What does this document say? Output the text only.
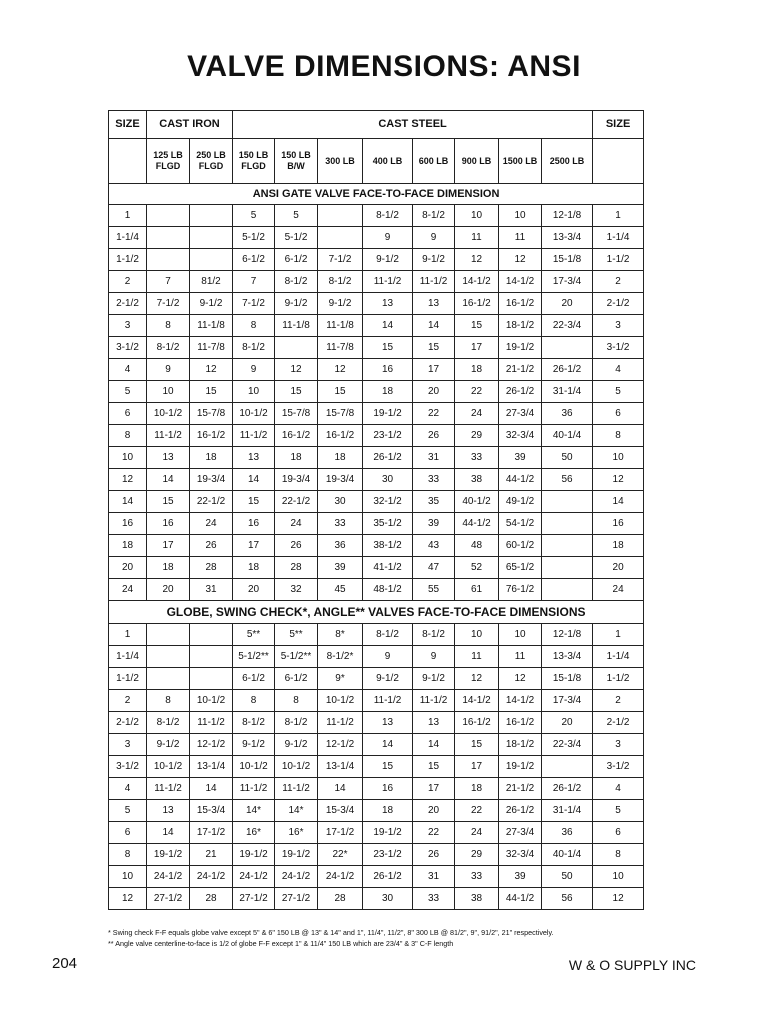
VALVE DIMENSIONS: ANSI
SIZE	CAST IRON		CAST STEEL								SIZE
	125 LB FLGD	250 LB FLGD	150 LB FLGD	150 LB B/W	300 LB	400 LB	600 LB	900 LB	1500 LB	2500 LB	
ANSI GATE VALVE FACE-TO-FACE DIMENSION											
1			5	5		8-1/2	8-1/2	10	10	12-1/8	1
1-1/4			5-1/2	5-1/2		9	9	11	11	13-3/4	1-1/4
1-1/2			6-1/2	6-1/2	7-1/2	9-1/2	9-1/2	12	12	15-1/8	1-1/2
2	7	81/2	7	8-1/2	8-1/2	11-1/2	11-1/2	14-1/2	14-1/2	17-3/4	2
2-1/2	7-1/2	9-1/2	7-1/2	9-1/2	9-1/2	13	13	16-1/2	16-1/2	20	2-1/2
3	8	11-1/8	8	11-1/8	11-1/8	14	14	15	18-1/2	22-3/4	3
3-1/2	8-1/2	11-7/8	8-1/2		11-7/8	15	15	17	19-1/2		3-1/2
4	9	12	9	12	12	16	17	18	21-1/2	26-1/2	4
5	10	15	10	15	15	18	20	22	26-1/2	31-1/4	5
6	10-1/2	15-7/8	10-1/2	15-7/8	15-7/8	19-1/2	22	24	27-3/4	36	6
8	11-1/2	16-1/2	11-1/2	16-1/2	16-1/2	23-1/2	26	29	32-3/4	40-1/4	8
10	13	18	13	18	18	26-1/2	31	33	39	50	10
12	14	19-3/4	14	19-3/4	19-3/4	30	33	38	44-1/2	56	12
14	15	22-1/2	15	22-1/2	30	32-1/2	35	40-1/2	49-1/2		14
16	16	24	16	24	33	35-1/2	39	44-1/2	54-1/2		16
18	17	26	17	26	36	38-1/2	43	48	60-1/2		18
20	18	28	18	28	39	41-1/2	47	52	65-1/2		20
24	20	31	20	32	45	48-1/2	55	61	76-1/2		24
GLOBE, SWING CHECK*, ANGLE** VALVES FACE-TO-FACE DIMENSIONS											
1			5**	5**	8*	8-1/2	8-1/2	10	10	12-1/8	1
1-1/4			5-1/2**	5-1/2**	8-1/2*	9	9	11	11	13-3/4	1-1/4
1-1/2			6-1/2	6-1/2	9*	9-1/2	9-1/2	12	12	15-1/8	1-1/2
2	8	10-1/2	8	8	10-1/2	11-1/2	11-1/2	14-1/2	14-1/2	17-3/4	2
2-1/2	8-1/2	11-1/2	8-1/2	8-1/2	11-1/2	13	13	16-1/2	16-1/2	20	2-1/2
3	9-1/2	12-1/2	9-1/2	9-1/2	12-1/2	14	14	15	18-1/2	22-3/4	3
3-1/2	10-1/2	13-1/4	10-1/2	10-1/2	13-1/4	15	15	17	19-1/2		3-1/2
4	11-1/2	14	11-1/2	11-1/2	14	16	17	18	21-1/2	26-1/2	4
5	13	15-3/4	14*	14*	15-3/4	18	20	22	26-1/2	31-1/4	5
6	14	17-1/2	16*	16*	17-1/2	19-1/2	22	24	27-3/4	36	6
8	19-1/2	21	19-1/2	19-1/2	22*	23-1/2	26	29	32-3/4	40-1/4	8
10	24-1/2	24-1/2	24-1/2	24-1/2	24-1/2	26-1/2	31	33	39	50	10
12	27-1/2	28	27-1/2	27-1/2	28	30	33	38	44-1/2	56	12
* Swing check F-F equals globe valve except 5" & 6" 150 LB @ 13" & 14" and 1", 11/4", 11/2", 8" 300 LB @ 81/2", 9", 91/2", 21" respectively.
** Angle valve centerline-to-face is 1/2 of globe F-F except 1" & 11/4" 150 LB which are 23/4" & 3" C-F length
204	W & O SUPPLY INC
